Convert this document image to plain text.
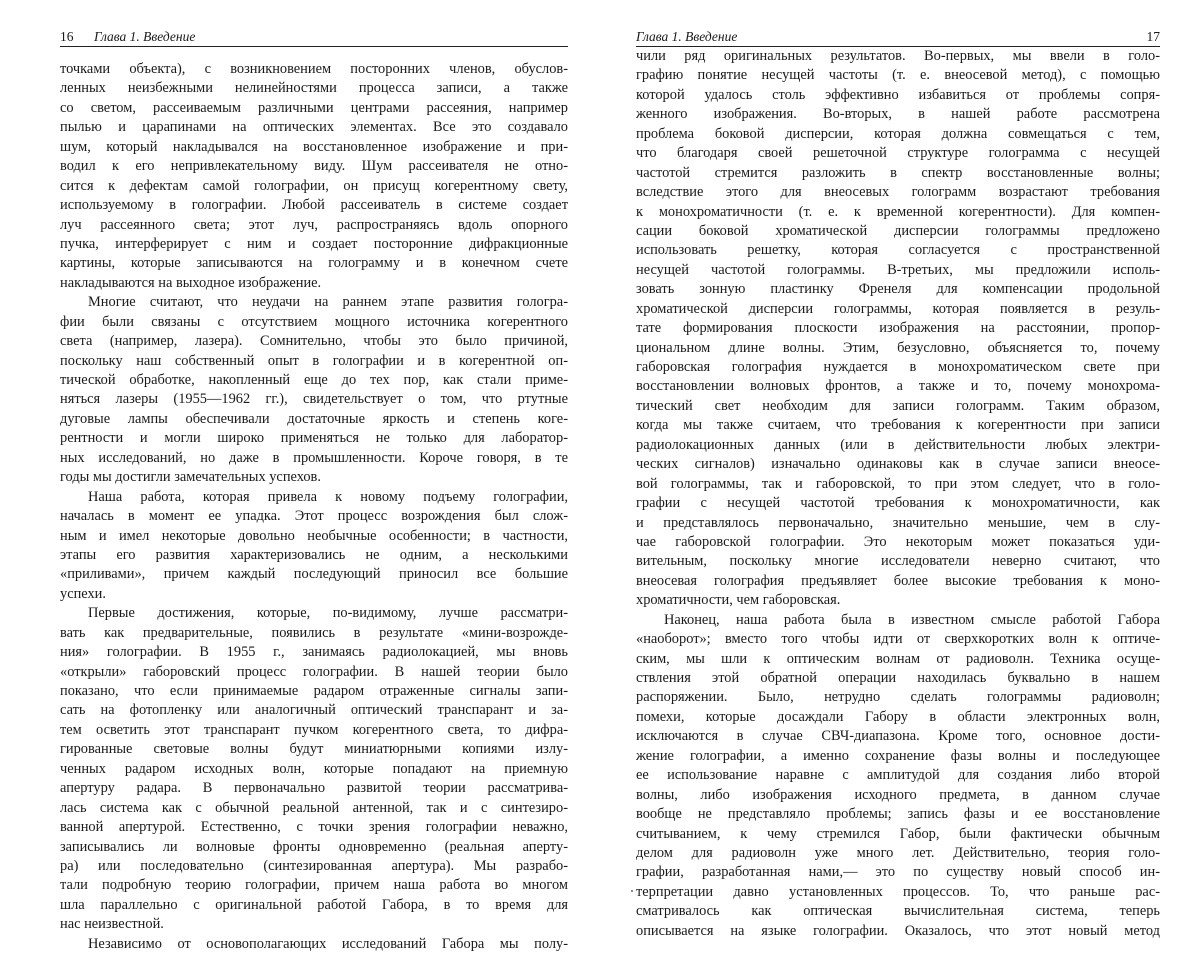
16 Глава 1. Введение
точками объекта), с возникновением посторонних членов, обуслов-
ленных неизбежными нелинейностями процесса записи, а также
со светом, рассеиваемым различными центрами рассеяния, например
пылью и царапинами на оптических элементах. Все это создавало
шум, который накладывался на восстановленное изображение и при-
водил к его непривлекательному виду. Шум рассеивателя не отно-
сится к дефектам самой голографии, он присущ когерентному свету,
используемому в голографии. Любой рассеиватель в системе создает
луч рассеянного света; этот луч, распространяясь вдоль опорного
пучка, интерферирует с ним и создает посторонние дифракционные
картины, которые записываются на голограмму и в конечном счете
накладываются на выходное изображение.
Многие считают, что неудачи на раннем этапе развития гологра-
фии были связаны с отсутствием мощного источника когерентного
света (например, лазера). Сомнительно, чтобы это было причиной,
поскольку наш собственный опыт в голографии и в когерентной оп-
тической обработке, накопленный еще до тех пор, как стали приме-
няться лазеры (1955—1962 гг.), свидетельствует о том, что ртутные
дуговые лампы обеспечивали достаточные яркость и степень коге-
рентности и могли широко применяться не только для лаборатор-
ных исследований, но даже в промышленности. Короче говоря, в те
годы мы достигли замечательных успехов.
Наша работа, которая привела к новому подъему голографии,
началась в момент ее упадка. Этот процесс возрождения был слож-
ным и имел некоторые довольно необычные особенности; в частности,
этапы его развития характеризовались не одним, а несколькими
«приливами», причем каждый последующий приносил все большие
успехи.
Первые достижения, которые, по-видимому, лучше рассматри-
вать как предварительные, появились в результате «мини-возрожде-
ния» голографии. В 1955 г., занимаясь радиолокацией, мы вновь
«открыли» габоровский процесс голографии. В нашей теории было
показано, что если принимаемые радаром отраженные сигналы запи-
сать на фотопленку или аналогичный оптический транспарант и за-
тем осветить этот транспарант пучком когерентного света, то дифра-
гированные световые волны будут миниатюрными копиями излу-
ченных радаром исходных волн, которые попадают на приемную
апертуру радара. В первоначально развитой теории рассматрива-
лась система как с обычной реальной антенной, так и с синтезиро-
ванной апертурой. Естественно, с точки зрения голографии неважно,
записывались ли волновые фронты одновременно (реальная аперту-
ра) или последовательно (синтезированная апертура). Мы разрабо-
тали подробную теорию голографии, причем наша работа во многом
шла параллельно с оригинальной работой Габора, в то время для
нас неизвестной.
Независимо от основополагающих исследований Габора мы полу-
Глава 1. Введение	17
чили ряд оригинальных результатов. Во-первых, мы ввели в голо-
графию понятие несущей частоты (т. е. внеосевой метод), с помощью
которой удалось столь эффективно избавиться от проблемы сопря-
женного изображения. Во-вторых, в нашей работе рассмотрена
проблема боковой дисперсии, которая должна совмещаться с тем,
что благодаря своей решеточной структуре голограмма с несущей
частотой стремится разложить в спектр восстановленные волны;
вследствие этого для внеосевых голограмм возрастают требования
к монохроматичности (т. е. к временной когерентности). Для компен-
сации боковой хроматической дисперсии голограммы предложено
использовать решетку, которая согласуется с пространственной
несущей частотой голограммы. В-третьих, мы предложили исполь-
зовать зонную пластинку Френеля для компенсации продольной
хроматической дисперсии голограммы, которая появляется в резуль-
тате формирования плоскости изображения на расстоянии, пропор-
циональном длине волны. Этим, безусловно, объясняется то, почему
габоровская голография нуждается в монохроматическом свете при
восстановлении волновых фронтов, а также и то, почему монохрома-
тический свет необходим для записи голограмм. Таким образом,
когда мы также считаем, что требования к когерентности при записи
радиолокационных данных (или в действительности любых электри-
ческих сигналов) изначально одинаковы как в случае записи внеосе-
вой голограммы, так и габоровской, то при этом следует, что в голо-
графии с несущей частотой требования к монохроматичности, как
и представлялось первоначально, значительно меньшие, чем в слу-
чае габоровской голографии. Это некоторым может показаться уди-
вительным, поскольку многие исследователи неверно считают, что
внеосевая голография предъявляет более высокие требования к моно-
хроматичности, чем габоровская.
Наконец, наша работа была в известном смысле работой Габора
«наоборот»; вместо того чтобы идти от сверхкоротких волн к оптиче-
ским, мы шли к оптическим волнам от радиоволн. Техника осуще-
ствления этой обратной операции находилась буквально в нашем
распоряжении. Было, нетрудно сделать голограммы радиоволн;
помехи, которые досаждали Габору в области электронных волн,
исключаются в случае СВЧ-диапазона. Кроме того, основное дости-
жение голографии, а именно сохранение фазы волны и последующее
ее использование наравне с амплитудой для создания либо второй
волны, либо изображения исходного предмета, в данном случае
вообще не представляло проблемы; запись фазы и ее восстановление
считыванием, к чему стремился Габор, были фактически обычным
делом для радиоволн уже много лет. Действительно, теория голо-
графии, разработанная нами,— это по существу новый способ ин-
терпретации давно установленных процессов. То, что раньше рас-
сматривалось как оптическая вычислительная система, теперь
описывается на языке голографии. Оказалось, что этот новый метод
